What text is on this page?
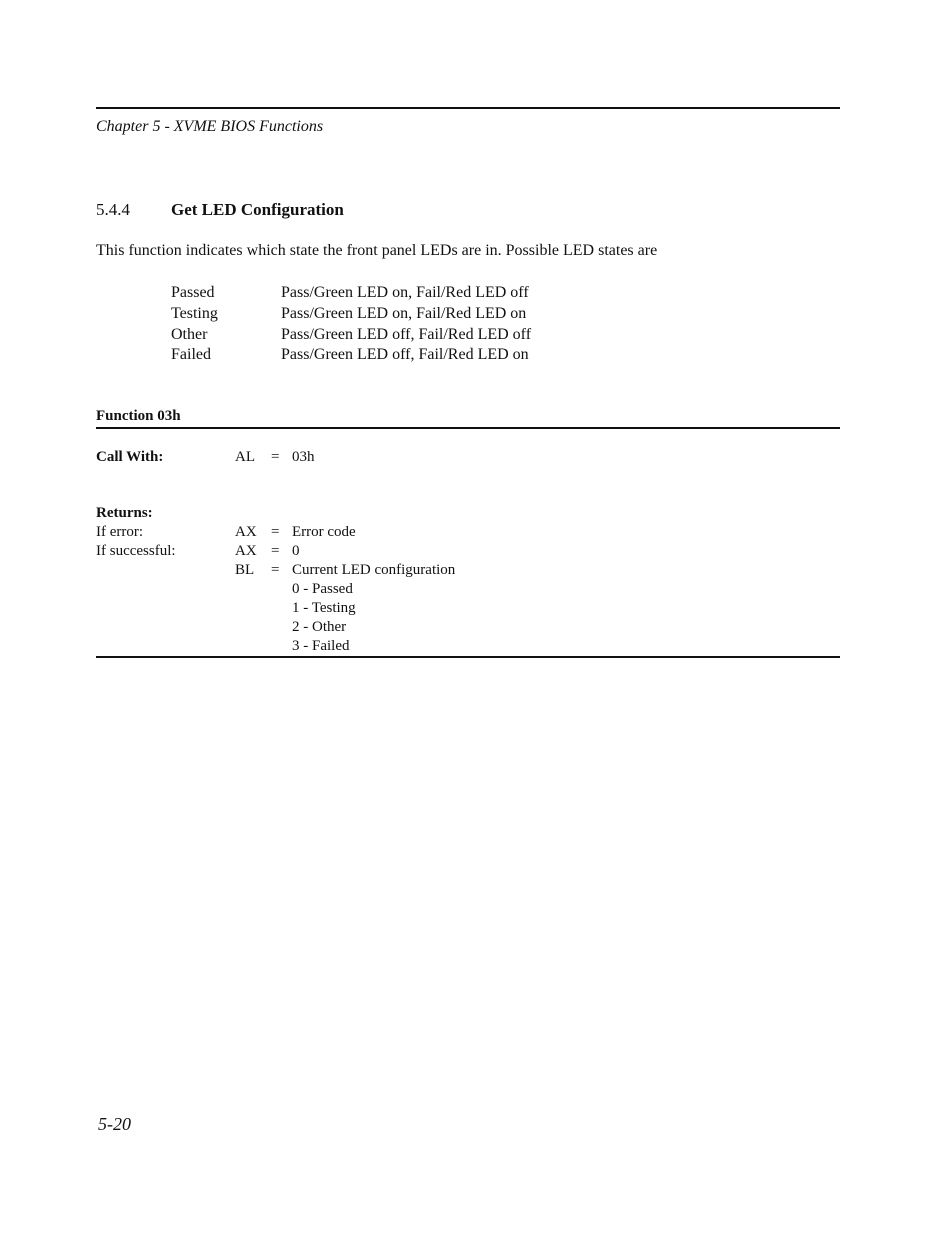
Chapter 5 - XVME BIOS Functions
5.4.4 Get LED Configuration
This function indicates which state the front panel LEDs are in. Possible LED states are
Passed	Pass/Green LED on, Fail/Red LED off
Testing	Pass/Green LED on, Fail/Red LED on
Other	Pass/Green LED off, Fail/Red LED off
Failed	Pass/Green LED off, Fail/Red LED on
Function 03h
Call With:	AL = 03h
Returns:
If error:	AX = Error code
If successful:	AX = 0
BL = Current LED configuration
0 - Passed
1 - Testing
2 - Other
3 - Failed
5-20
